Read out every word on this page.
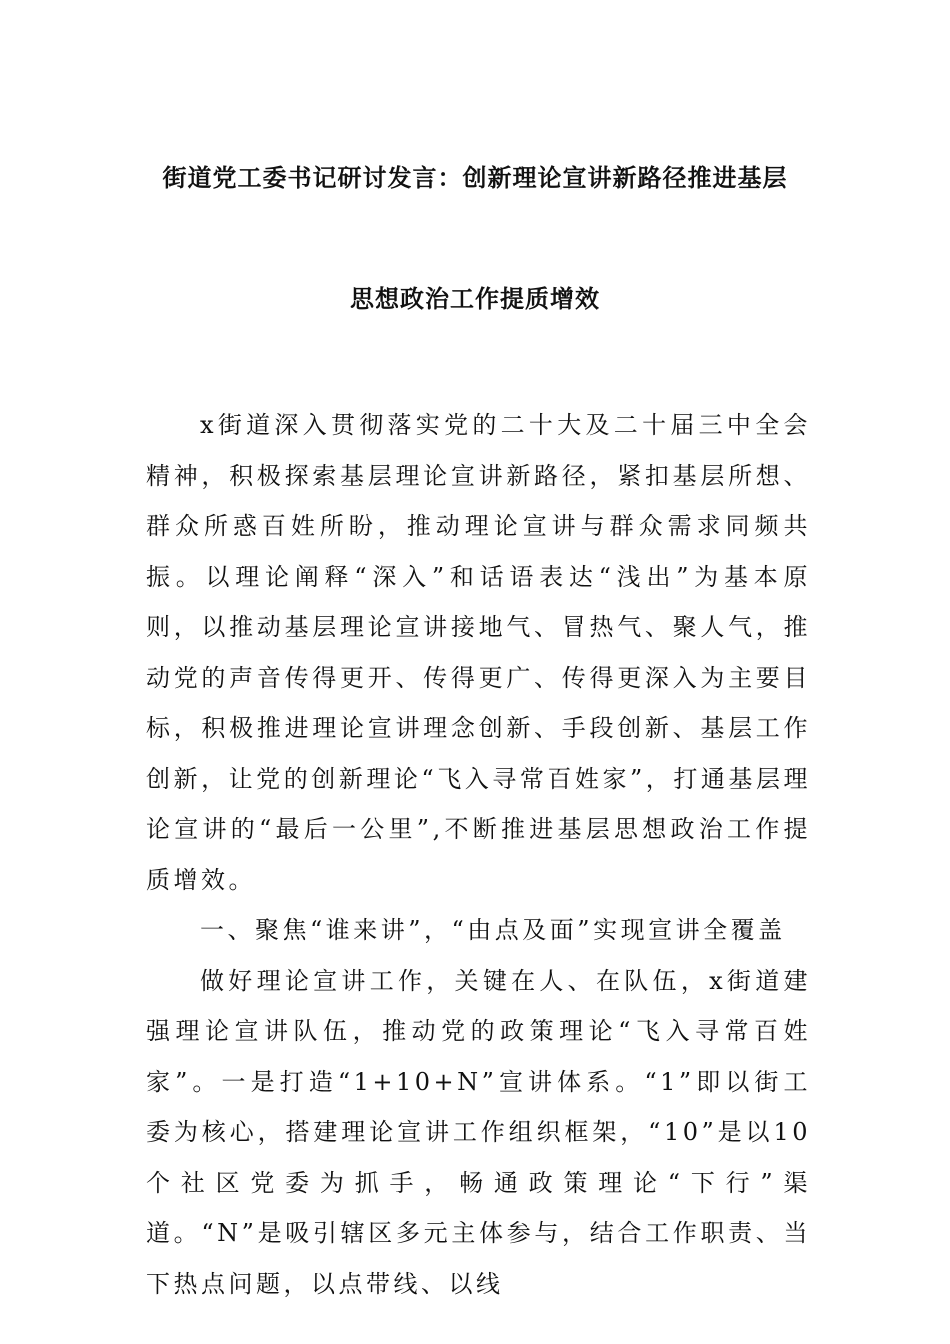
街道党工委书记研讨发言：创新理论宣讲新路径推进基层
思想政治工作提质增效

x街道深入贯彻落实党的二十大及二十届三中全会精神，积极探索基层理论宣讲新路径，紧扣基层所想、群众所惑百姓所盼，推动理论宣讲与群众需求同频共振。以理论阐释“深入”和话语表达“浅出”为基本原则，以推动基层理论宣讲接地气、冒热气、聚人气，推动党的声音传得更开、传得更广、传得更深入为主要目标，积极推进理论宣讲理念创新、手段创新、基层工作创新，让党的创新理论“飞入寻常百姓家”，打通基层理论宣讲的“最后一公里”,不断推进基层思想政治工作提质增效。

一、聚焦“谁来讲”，“由点及面”实现宣讲全覆盖

做好理论宣讲工作，关键在人、在队伍，x街道建强理论宣讲队伍，推动党的政策理论“飞入寻常百姓家”。一是打造“1+10+N”宣讲体系。“1”即以街工委为核心，搭建理论宣讲工作组织框架，“10”是以10个社区党委为抓手，畅通政策理论“下行”渠道。“N”是吸引辖区多元主体参与，结合工作职责、当下热点问题，以点带线、以线
